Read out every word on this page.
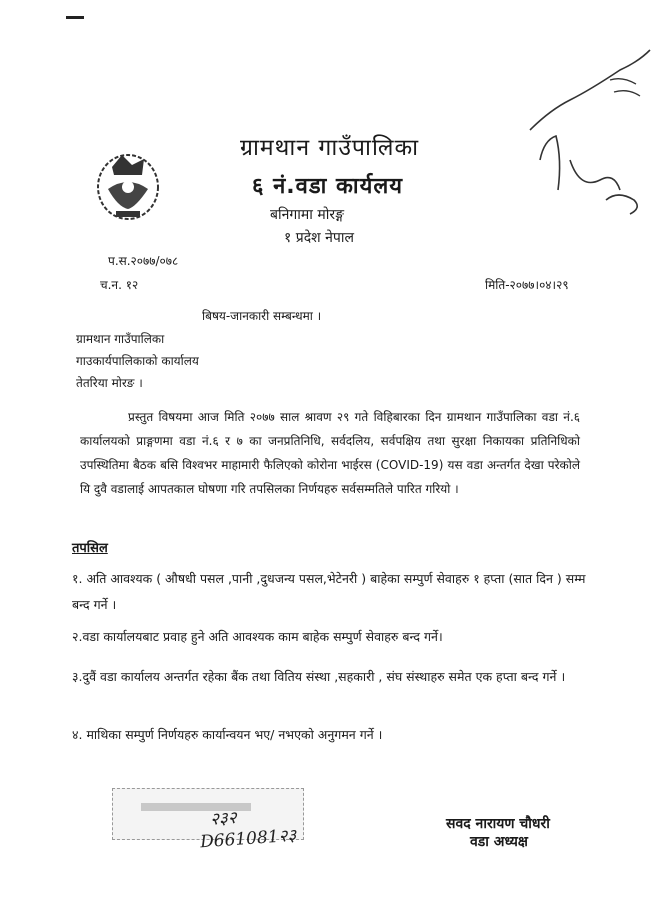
ग्रामथान गाउँपालिका
६ नं.वडा कार्यलय
बनिगामा मोरङ्ग
१ प्रदेश नेपाल
प.स.२०७७/०७८
च.न. १२	मिति-२०७७।०४।२९
बिषय-जानकारी सम्बन्धमा ।
ग्रामथान गाउँपालिका
गाउकार्यपालिकाको कार्यालय
तेतरिया मोरङ ।

प्रस्तुत विषयमा आज मिति २०७७ साल श्रावण २९ गते विहिबारका दिन ग्रामथान गाउँपालिका वडा नं.६ कार्यालयको प्राङ्गणमा वडा नं.६ र ७ का जनप्रतिनिधि, सर्वदलिय, सर्वपक्षिय तथा सुरक्षा निकायका प्रतिनिधिको उपस्थितिमा बैठक बसि विश्वभर माहामारी फैलिएको कोरोना भाईरस (COVID-19) यस वडा अन्तर्गत देखा परेकोले यि दुवै वडालाई आपतकाल घोषणा गरि तपसिलका निर्णयहरु सर्वसम्मतिले पारित गरियो ।

तपसिल
१. अति आवश्यक ( औषधी पसल ,पानी ,दुधजन्य पसल,भेटेनरी ) बाहेका सम्पुर्ण सेवाहरु १ हप्ता (सात दिन ) सम्म बन्द गर्ने ।
२.वडा कार्यालयबाट प्रवाह हुने अति आवश्यक काम बाहेक सम्पुर्ण सेवाहरु बन्द गर्ने।
३.दुवैं वडा कार्यालय अन्तर्गत रहेका बैंक तथा वितिय संस्था ,सहकारी , संघ संस्थाहरु समेत एक हप्ता बन्द गर्ने ।
४. माथिका सम्पुर्ण निर्णयहरु कार्यान्वयन भए/ नभएको अनुगमन गर्ने ।
२३२
D661081२३
सवद नारायण चौधरी
वडा अध्यक्ष
